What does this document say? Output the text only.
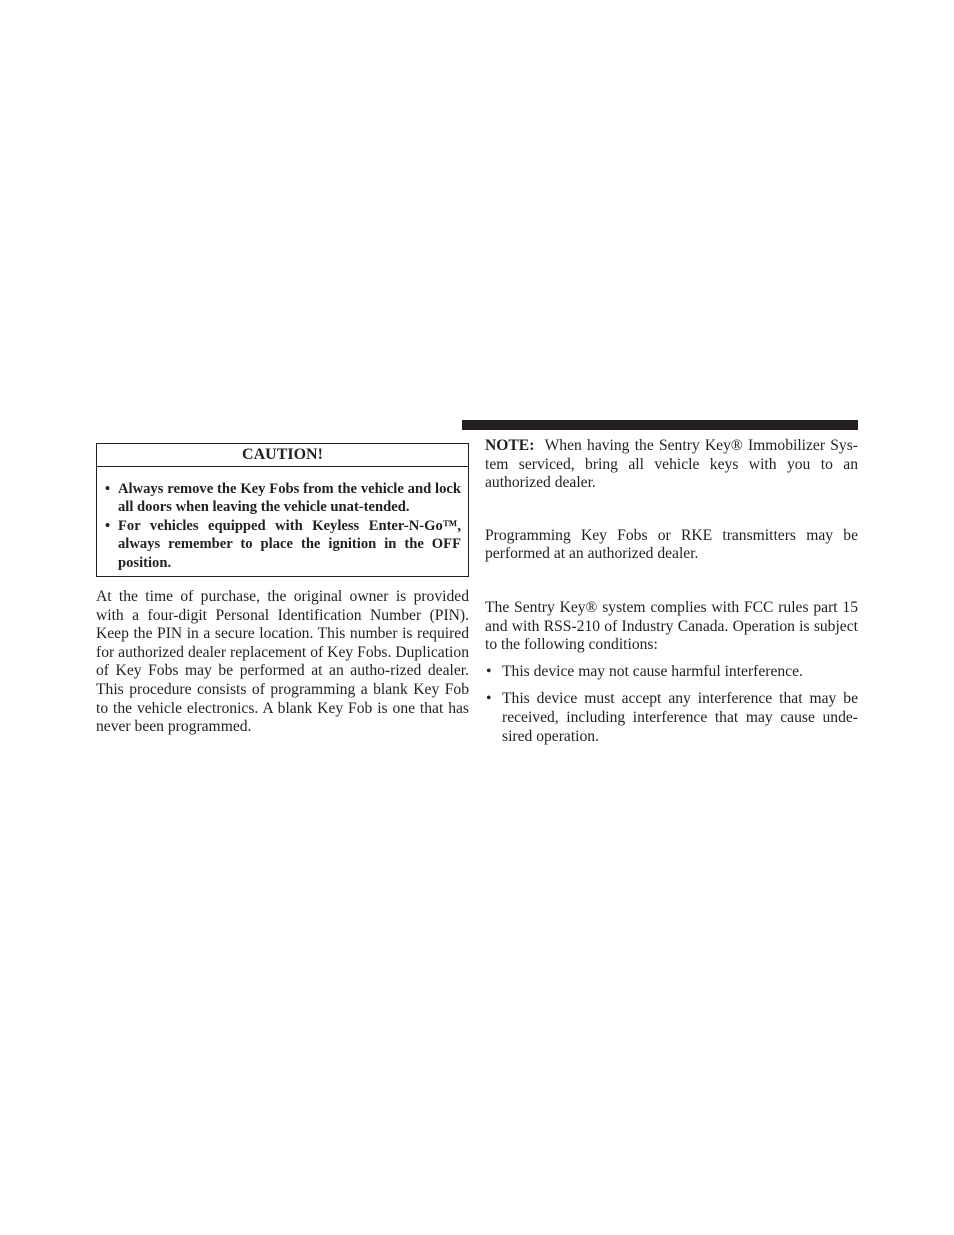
CAUTION!
• Always remove the Key Fobs from the vehicle and lock all doors when leaving the vehicle unat-tended.
• For vehicles equipped with Keyless Enter-N-Go™, always remember to place the ignition in the OFF position.

At the time of purchase, the original owner is provided with a four-digit Personal Identification Number (PIN). Keep the PIN in a secure location. This number is required for authorized dealer replacement of Key Fobs. Duplication of Key Fobs may be performed at an autho-rized dealer. This procedure consists of programming a blank Key Fob to the vehicle electronics. A blank Key Fob is one that has never been programmed.

NOTE: When having the Sentry Key® Immobilizer Sys-tem serviced, bring all vehicle keys with you to an authorized dealer.

Programming Key Fobs or RKE transmitters may be performed at an authorized dealer.

The Sentry Key® system complies with FCC rules part 15 and with RSS-210 of Industry Canada. Operation is subject to the following conditions:

• This device may not cause harmful interference.
• This device must accept any interference that may be received, including interference that may cause unde-sired operation.
